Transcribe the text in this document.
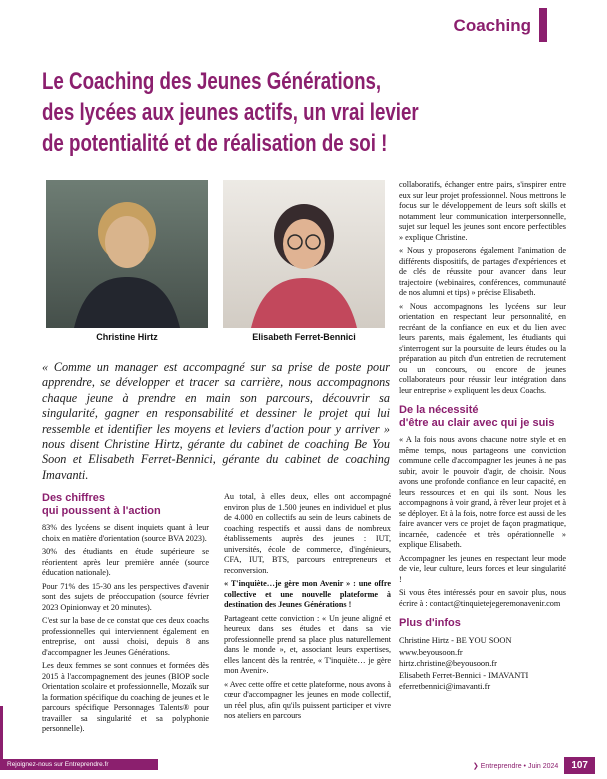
Coaching
Le Coaching des Jeunes Générations,
des lycées aux jeunes actifs, un vrai levier
de potentialité et de réalisation de soi !
Christine Hirtz	Elisabeth Ferret-Bennici
« Comme un manager est accompagné sur sa prise de poste pour apprendre, se développer et tracer sa carrière, nous accompagnons chaque jeune à prendre en main son parcours, découvrir sa singularité, gagner en responsabilité et dessiner le projet qui lui ressemble et identifier les moyens et leviers d'action pour y arriver » nous disent Christine Hirtz, gérante du cabinet de coaching Be You Soon et Elisabeth Ferret-Bennici, gérante du cabinet de coaching Imavanti.
Des chiffres
qui poussent à l'action

83% des lycéens se disent inquiets quant à leur choix en matière d'orientation (source BVA 2023).

30% des étudiants en étude supérieure se réorientent après leur première année (source éducation nationale).

Pour 71% des 15-30 ans les perspectives d'avenir sont des sujets de préoccupation (source février 2023 Opinionway et 20 minutes).

C'est sur la base de ce constat que ces deux coachs professionnelles qui interviennent également en entreprise, ont aussi choisi, depuis 8 ans d'accompagner les Jeunes Générations.

Les deux femmes se sont connues et formées dès 2015 à l'accompagnement des jeunes (BIOP socle Orientation scolaire et professionnelle, Mozaïk sur la formation spécifique du coaching de jeunes et le parcours spécifique Personnages Talents® pour travailler sa singularité et sa polyphonie personnelle).

Au total, à elles deux, elles ont accompagné environ plus de 1.500 jeunes en individuel et plus de 4.000 en collectifs au sein de leurs cabinets de coaching respectifs et aussi dans de nombreux établissements auprès des jeunes : IUT, universités, école de commerce, d'ingénieurs, CFA, IUT, BTS, parcours entrepreneurs et reconversion.

« T'inquiète…je gère mon Avenir » : une offre collective et une nouvelle plateforme à destination des Jeunes Générations !

Partageant cette conviction : « Un jeune aligné et heureux dans ses études et dans sa vie professionnelle prend sa place plus naturellement dans le monde », et, associant leurs expertises, elles lancent dès la rentrée, « T'inquiète… je gère mon Avenir».

« Avec cette offre et cette plateforme, nous avons à cœur d'accompagner les jeunes en mode collectif, un réel plus, afin qu'ils puissent participer et vivre nos ateliers en parcours

collaboratifs, échanger entre pairs, s'inspirer entre eux sur leur projet professionnel. Nous mettrons le focus sur le développement de leurs soft skills et notamment leur communication interpersonnelle, sujet sur lequel les jeunes sont encore perfectibles » explique Christine.

« Nous y proposerons également l'animation de différents dispositifs, de partages d'expériences et de clés de réussite pour avancer dans leur trajectoire (webinaires, conférences, communauté de nos alumni et tips) » précise Elisabeth.

« Nous accompagnons les lycéens sur leur orientation en respectant leur personnalité, en recréant de la confiance en eux et du lien avec leurs parents, mais également, les étudiants qui s'interrogent sur la poursuite de leurs études ou la préparation au pitch d'un entretien de recrutement ou un concours, ou encore de jeunes collaborateurs pour réussir leur intégration dans leur entreprise » expliquent les deux Coachs.

De la nécessité
d'être au clair avec qui je suis

« A la fois nous avons chacune notre style et en même temps, nous partageons une conviction commune celle d'accompagner les jeunes à ne pas subir, avoir le pouvoir d'agir, de choisir. Nous avons une profonde confiance en leur capacité, en leurs ressources et en qui ils sont. Nous les accompagnons à voir grand, à rêver leur projet et à se déployer. Et à la fois, notre force est aussi de les faire avancer vers ce projet de façon pragmatique, incarnée, cadencée et très opérationnelle » explique Elisabeth.

Accompagner les jeunes en respectant leur mode de vie, leur culture, leurs forces et leur singularité !

Si vous êtes intéressés pour en savoir plus, nous écrire à : contact@tinquietejegeremonavenir.com

Plus d'infos

Christine Hirtz - BE YOU SOON

www.beyousoon.fr

hirtz.christine@beyousoon.fr

Elisabeth Ferret-Bennici - IMAVANTI

eferretbennici@imavanti.fr

Rejoignez-nous sur Entreprendre.fr	❯ Entreprendre • Juin 2024	107
